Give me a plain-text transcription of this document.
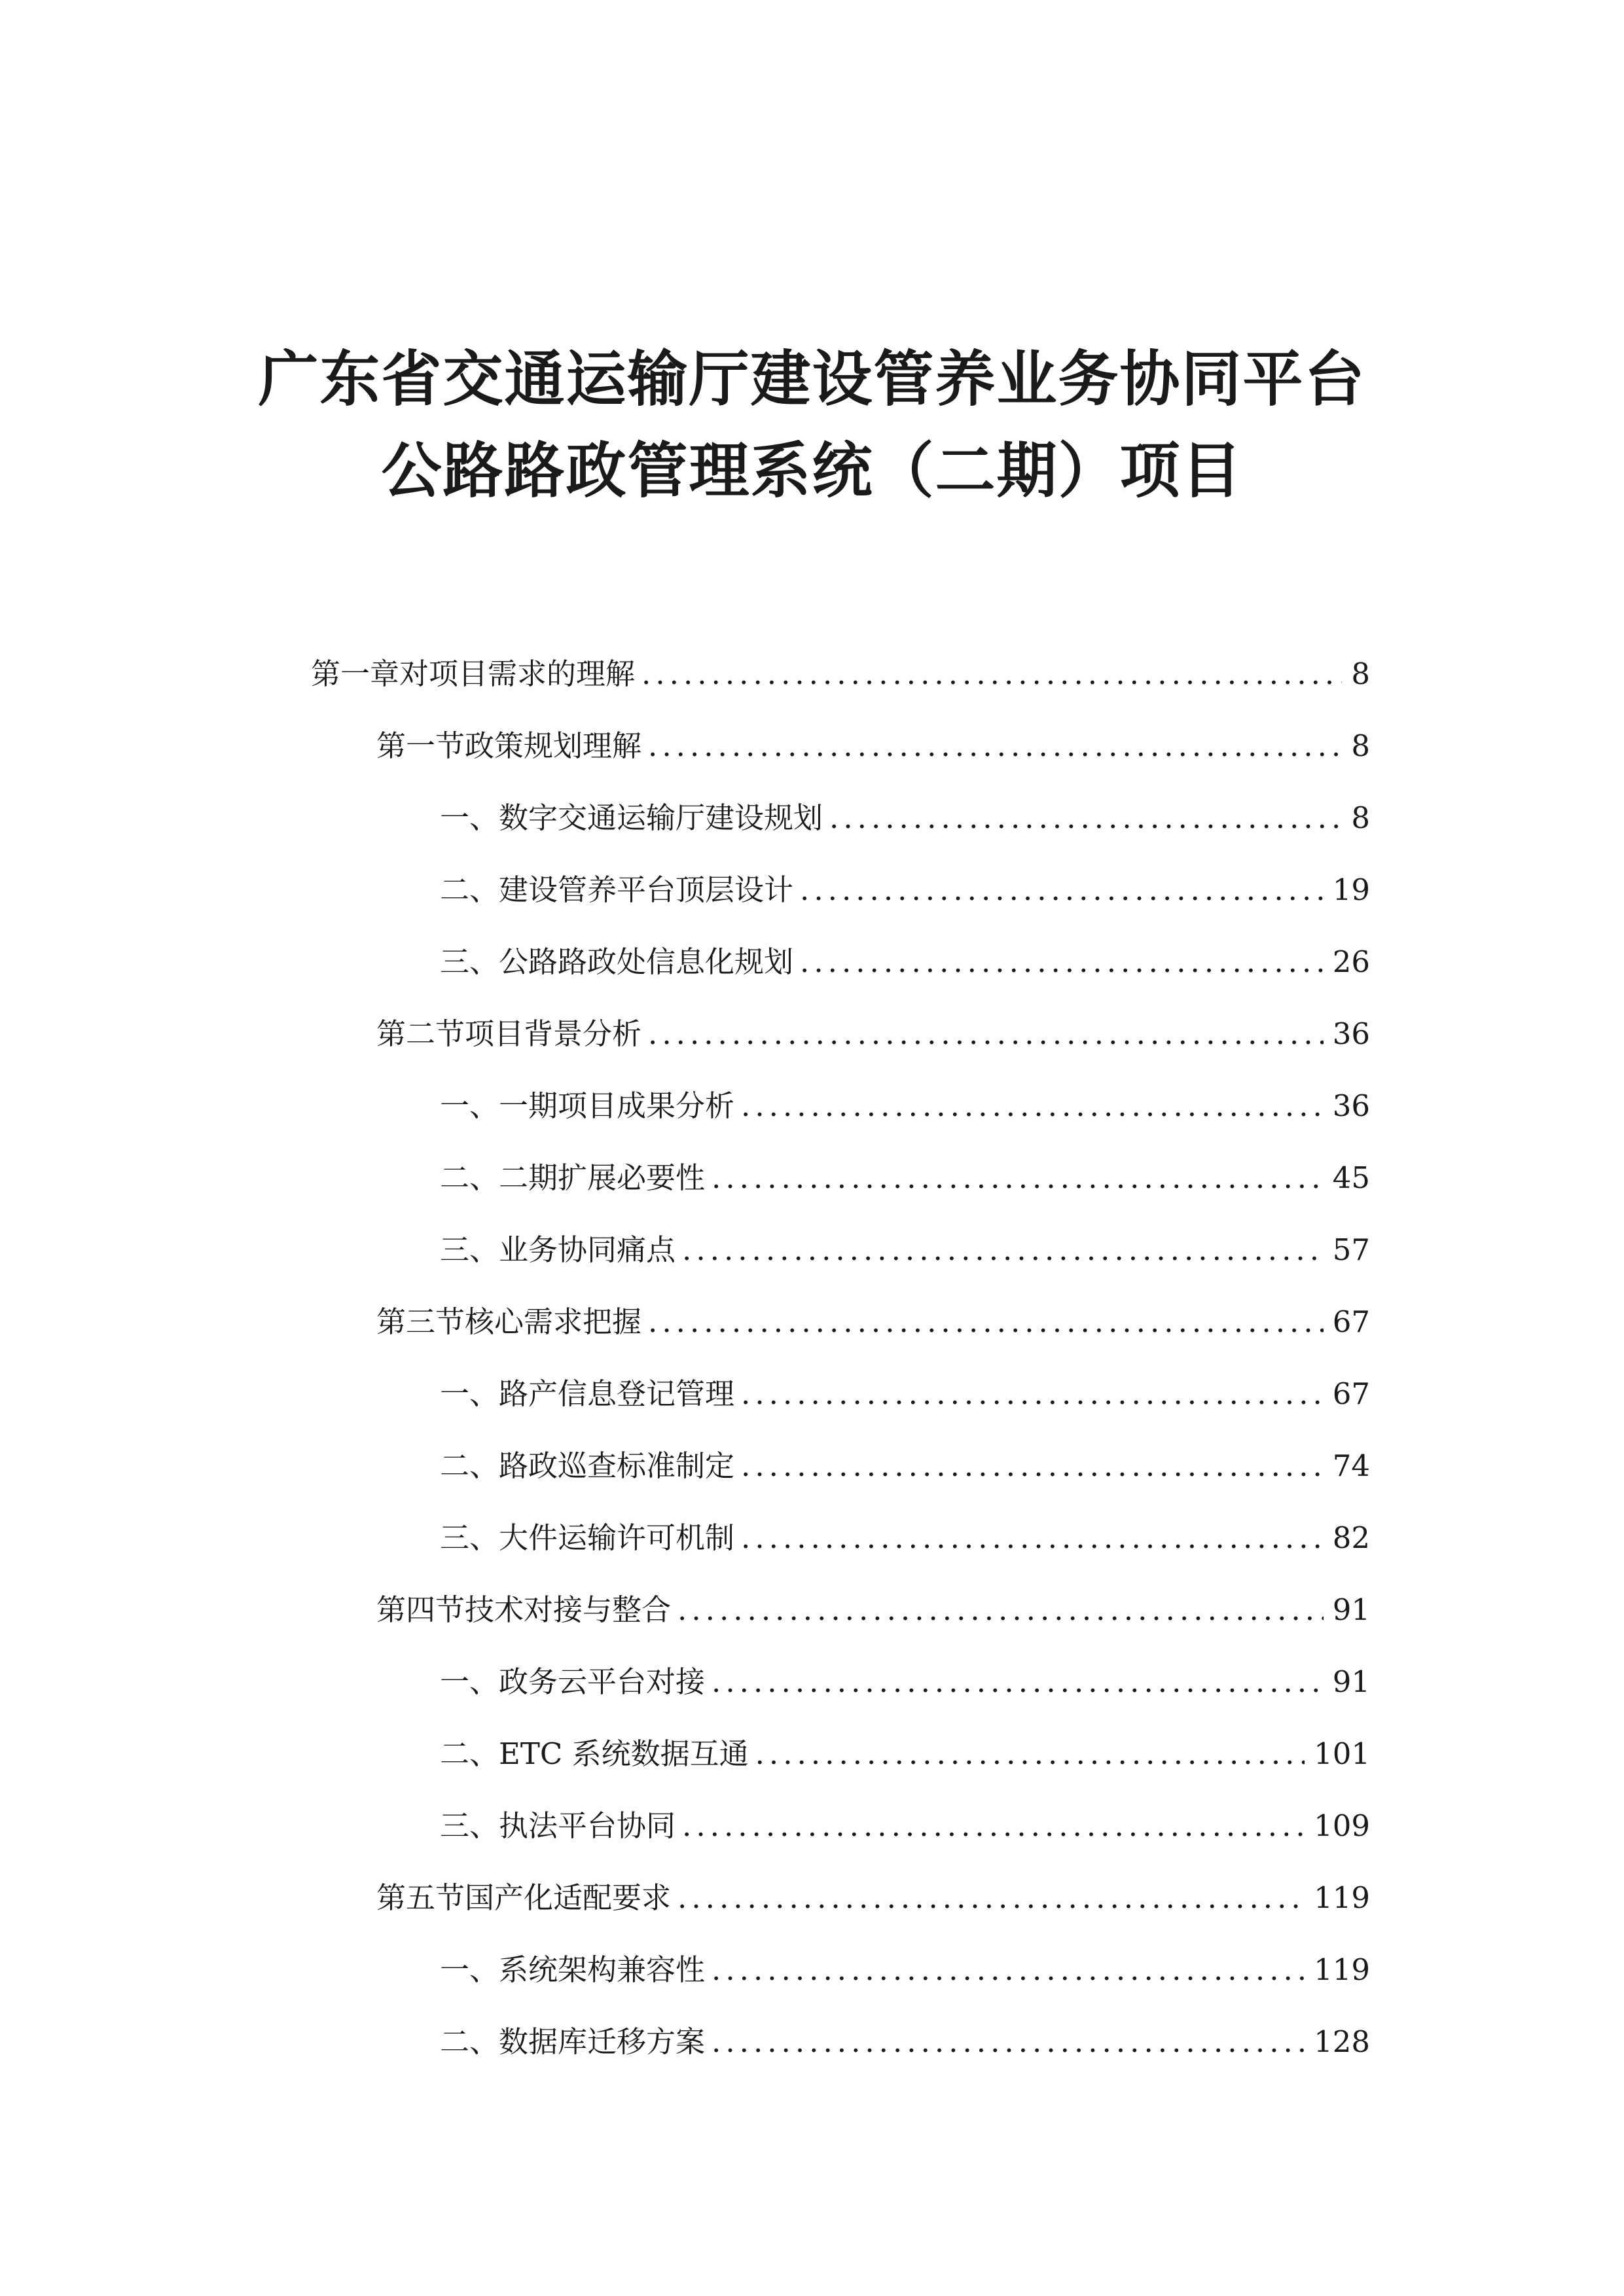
广东省交通运输厅建设管养业务协同平台
公路路政管理系统（二期）项目
第一章 对项目需求的理解 .....	8
第一节 政策规划理解 .....	8
一、 数字交通运输厅建设规划 .....	8
二、 建设管养平台顶层设计 .....	19
三、 公路路政处信息化规划 .....	26
第二节 项目背景分析 .....	36
一、 一期项目成果分析 .....	36
二、 二期扩展必要性 .....	45
三、 业务协同痛点 .....	57
第三节 核心需求把握 .....	67
一、 路产信息登记管理 .....	67
二、 路政巡查标准制定 .....	74
三、 大件运输许可机制 .....	82
第四节 技术对接与整合 .....	91
一、 政务云平台对接 .....	91
二、 ETC 系统数据互通 .....	101
三、 执法平台协同 .....	109
第五节 国产化适配要求 .....	119
一、 系统架构兼容性 .....	119
二、 数据库迁移方案 .....	128
